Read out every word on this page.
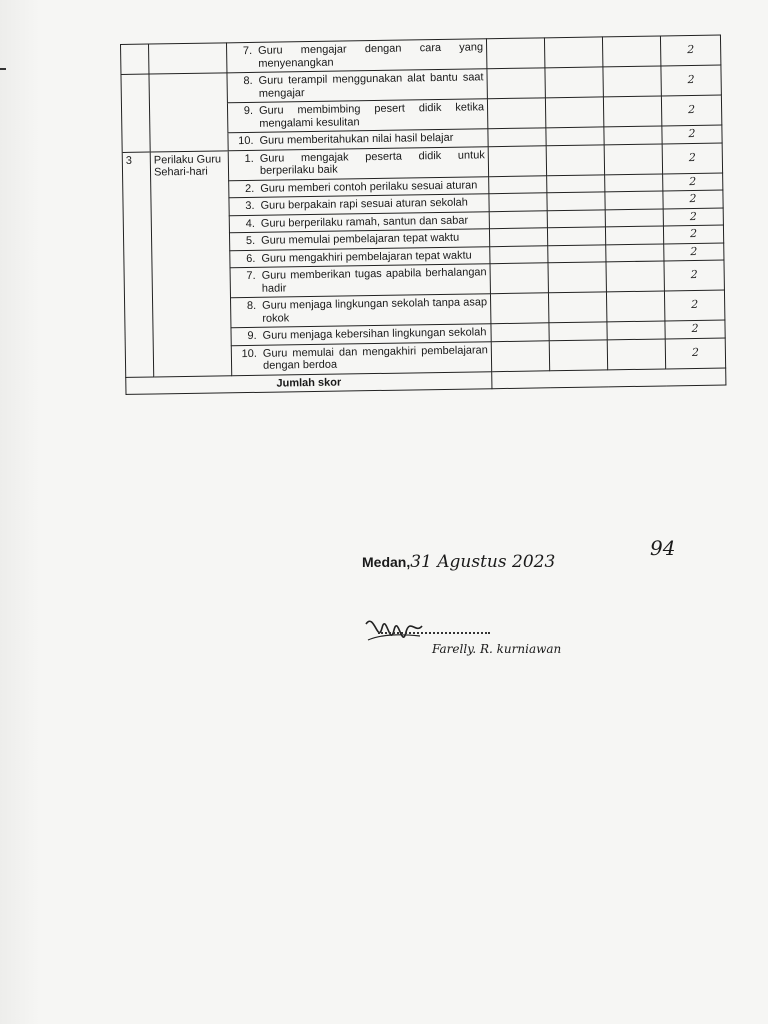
		7. Guru mengajar dengan cara yang menyenangkan				2

		8. Guru terampil menggunakan alat bantu saat mengajar				2

		9. Guru membimbing pesert didik ketika mengalami kesulitan				2

		10. Guru memberitahukan nilai hasil belajar				2
3	Perilaku Guru Sehari-hari	1. Guru mengajak peserta didik untuk berperilaku baik				2

		2. Guru memberi contoh perilaku sesuai aturan				2

		3. Guru berpakain rapi sesuai aturan sekolah				2

		4. Guru berperilaku ramah, santun dan sabar				2

		5. Guru memulai pembelajaran tepat waktu				2

		6. Guru mengakhiri pembelajaran tepat waktu				2

		7. Guru memberikan tugas apabila berhalangan hadir				2

		8. Guru menjaga lingkungan sekolah tanpa asap rokok				2

		9. Guru menjaga kebersihan lingkungan sekolah				2

		10. Guru memulai dan mengakhiri pembelajaran dengan berdoa				2
Jumlah skor						
94
Medan,31 Agustus 2023
Farelly. R. kurniawan
